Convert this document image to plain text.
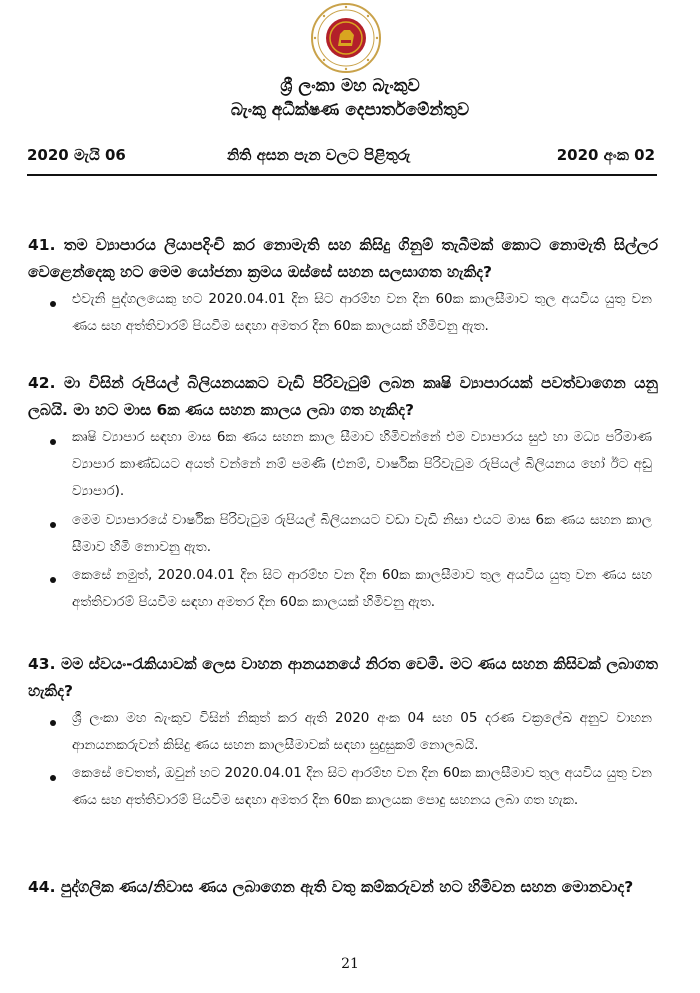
ශ්‍රී ලංකා මහ බැංකුව
බැංකු අධීක්ෂණ දෙපාර්තමේන්තුව
2020 මැයි 06	නිති අසන පැන වලට පිළිතුරු	2020 අංක 02
41. තම ව්‍යාපාරය ලියාපදිංචි කර නොමැති සහ කිසිදු ගිනුම් තැබීමක් කොට නොමැති සිල්ලර වෙළෙන්දෙකු හට මෙම යෝජනා ක්‍රමය ඔස්සේ සහන සලසාගත හැකිද?
එවැනි පුද්ගලයෙකු හට 2020.04.01 දින සිට ආරම්භ වන දින 60ක කාලසීමාව තුල අයවිය යුතු වන ණය සහ අත්තිවාරම් පියවීම සඳහා අමතර දින 60ක කාලයක් හිමිවනු ඇත.
42. මා විසින් රුපියල් බිලියනයකට වැඩි පිරිවැටුම් ලබන කෘෂි ව්‍යාපාරයක් පවත්වාගෙන යනු ලබයි. මා හට මාස 6ක ණය සහන කාලය ලබා ගත හැකිද?
කෘෂි ව්‍යාපාර සඳහා මාස 6ක ණය සහන කාල සීමාව හිමිවන්නේ එම ව්‍යාපාරය සුළු හා මධ්‍ය පරිමාණ ව්‍යාපාර කාණ්ඩයට අයත් වන්නේ නම් පමණි (එනම්, වාර්ෂික පිරිවැටුම රුපියල් බිලියනය හෝ ඊට අඩු ව්‍යාපාර).
මෙම ව්‍යාපාරයේ වාර්ෂික පිරිවැටුම රුපියල් බිලියනයට වඩා වැඩි නිසා එයට මාස 6ක ණය සහන කාල සීමාව හිමි නොවනු ඇත.
කෙසේ නමුත්, 2020.04.01 දින සිට ආරම්භ වන දින 60ක කාලසීමාව තුල අයවිය යුතු වන ණය සහ අත්තිවාරම් පියවීම සඳහා අමතර දින 60ක කාලයක් හිමිවනු ඇත.
43. මම ස්වයං-රැකියාවක් ලෙස වාහන ආනයනයේ නිරත වෙමි. මට ණය සහන කිසිවක් ලබාගත හැකිද?
ශ්‍රී ලංකා මහ බැංකුව විසින් නිකුත් කර ඇති 2020 අංක 04 සහ 05 දරණ චක්‍රලේඛ අනුව වාහන ආනයනකරුවන් කිසිදු ණය සහන කාලසීමාවක් සඳහා සුදුසුකම් නොලබයි.
කෙසේ වෙතත්, ඔවුන් හට 2020.04.01 දින සිට ආරම්භ වන දින 60ක කාලසීමාව තුල අයවිය යුතු වන ණය සහ අත්තිවාරම් පියවීම සඳහා අමතර දින 60ක කාලයක පොදු සහනය ලබා ගත හැක.
44. පුද්ගලික ණය/නිවාස ණය ලබාගෙන ඇති වතු කම්කරුවන් හට හිමිවන සහන මොනවාද?
21
